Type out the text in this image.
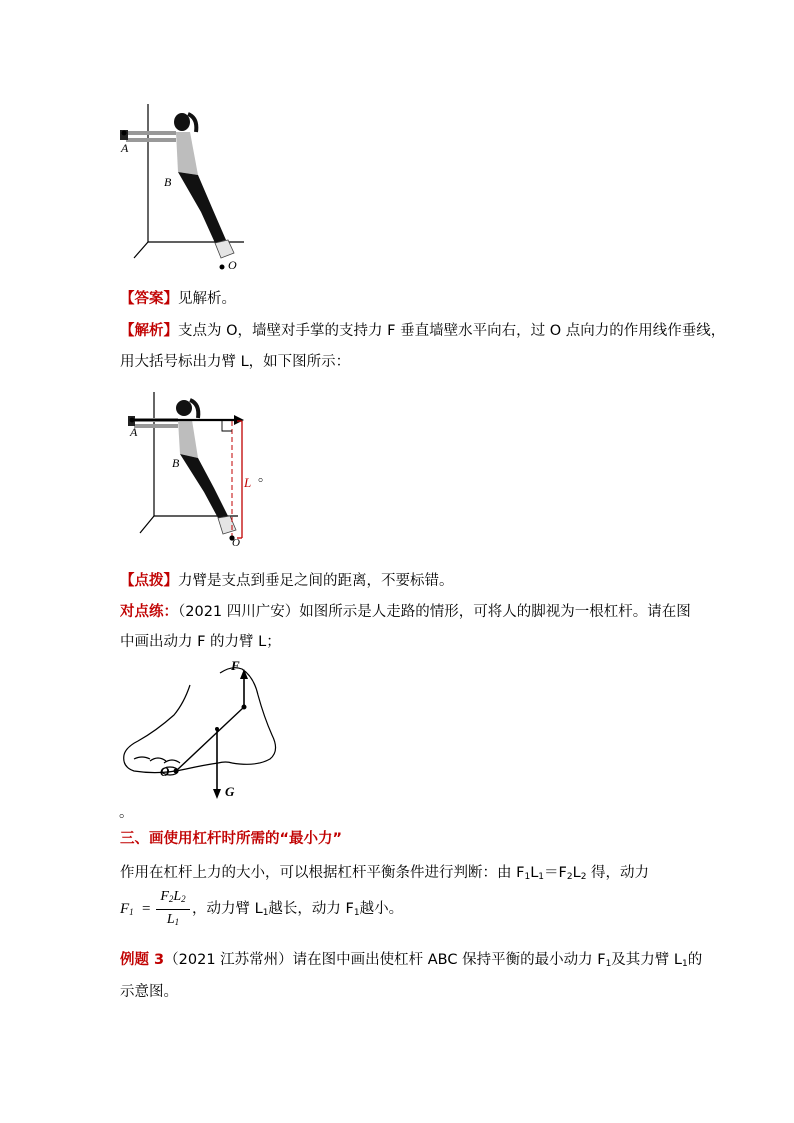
A
B
O
【答案】见解析。
【解析】支点为 O，墙壁对手掌的支持力 F 垂直墙壁水平向右，过 O 点向力的作用线作垂线，
用大括号标出力臂 L，如下图所示：
A
B
L
O
。
【点拨】力臂是支点到垂足之间的距离，不要标错。
对点练：（2021 四川广安）如图所示是人走路的情形，可将人的脚视为一根杠杆。请在图
中画出动力 F 的力臂 L；
F
O
G
。
三、画使用杠杆时所需的“最小力”
作用在杠杆上力的大小，可以根据杠杆平衡条件进行判断：由 $F_1L_1=F_2L_2$ 得，动力
$F_1$ =
$F_2L_2$
$L_1$
，动力臂 $L_1$越长，动力 $F_1$越小。
例题 3（2021 江苏常州）请在图中画出使杠杆 ABC 保持平衡的最小动力 $F_1$及其力臂 $L_1$的
示意图。
